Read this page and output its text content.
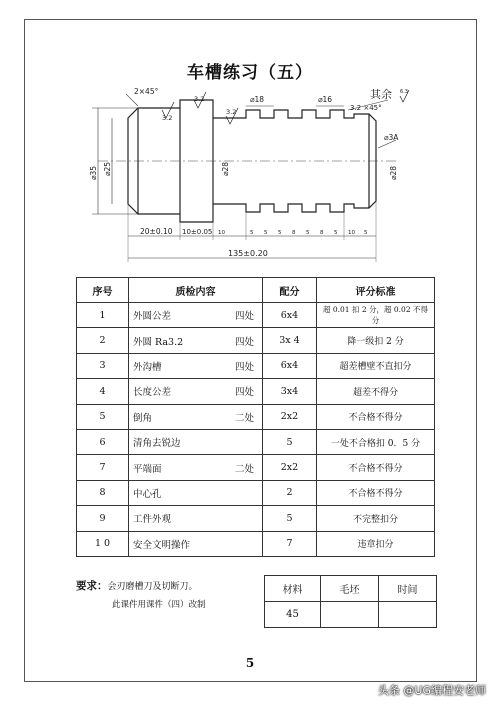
车槽练习（五）
20±0.10 10±0.05
135±0.20
10	5 5 5 8 5 8 5 10 5
⌀18	⌀16
2×45°
3.2 ×45°
3.2
3.2
3.2
其余 6.3
⌀35 ⌀25	⌀28	⌀28
⌀3A
序号	质检内容	配分	评分标准
1	外圆公差 四处	6x4	超 0.01 扣 2 分，超 0.02 不得分
2	外圆 Ra3.2 四处	3x 4	降一级扣 2 分
3	外沟槽 四处	6x4	超差槽壁不直扣分
4	长度公差 四处	3x4	超差不得分
5	倒角 二处	2x2	不合格不得分
6	清角去锐边	5	一处不合格扣 0．5 分
7	平端面 二处	2x2	不合格不得分
8	中心孔	2	不合格不得分
9	工件外观	5	不完整扣分
1 0	安全文明操作	7	违章扣分
要求：会刃磨槽刀及切断刀。
此课件用课件（四）改制
材料	毛坯	时间
45		
5
头条 @UG编程安老师
